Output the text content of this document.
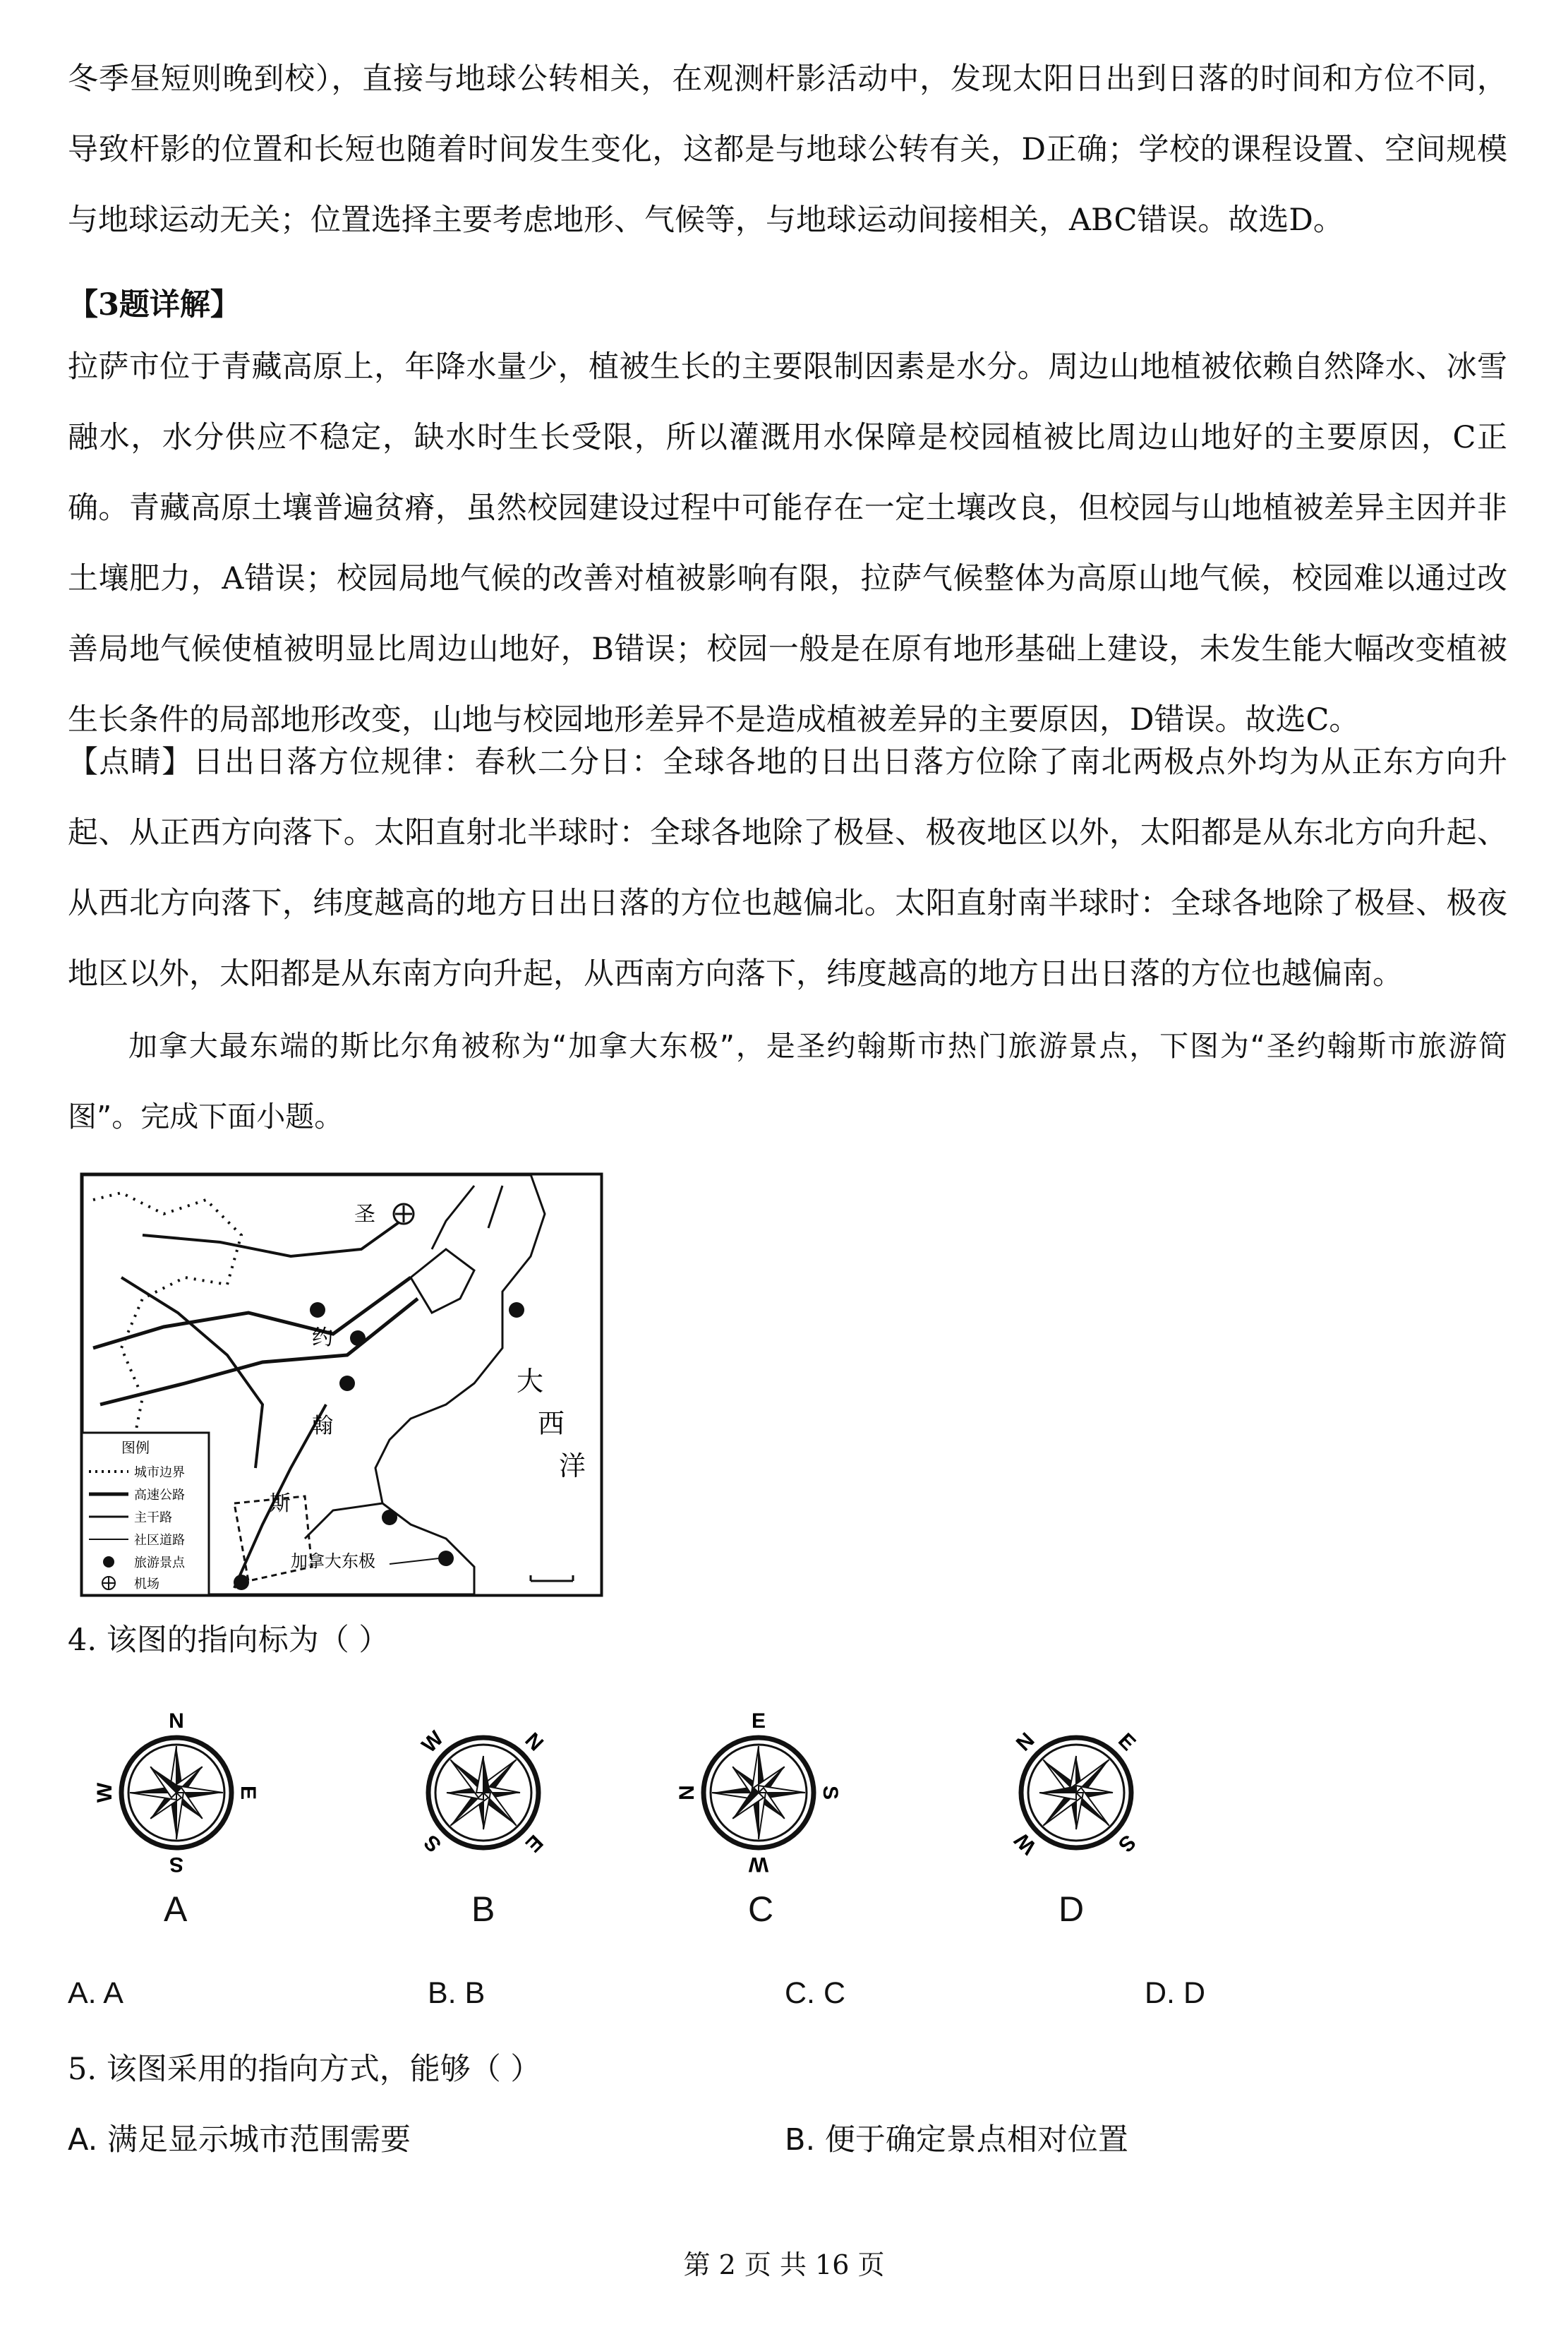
冬季昼短则晚到校），直接与地球公转相关，在观测杆影活动中，发现太阳日出到日落的时间和方位不同，导致杆影的位置和长短也随着时间发生变化，这都是与地球公转有关，D正确；学校的课程设置、空间规模与地球运动无关；位置选择主要考虑地形、气候等，与地球运动间接相关，ABC错误。故选D。

【3题详解】

拉萨市位于青藏高原上，年降水量少，植被生长的主要限制因素是水分。周边山地植被依赖自然降水、冰雪融水，水分供应不稳定，缺水时生长受限，所以灌溉用水保障是校园植被比周边山地好的主要原因，C正确。青藏高原土壤普遍贫瘠，虽然校园建设过程中可能存在一定土壤改良，但校园与山地植被差异主因并非土壤肥力，A错误；校园局地气候的改善对植被影响有限，拉萨气候整体为高原山地气候，校园难以通过改善局地气候使植被明显比周边山地好，B错误；校园一般是在原有地形基础上建设，未发生能大幅改变植被生长条件的局部地形改变，山地与校园地形差异不是造成植被差异的主要原因，D错误。故选C。

【点睛】日出日落方位规律：春秋二分日：全球各地的日出日落方位除了南北两极点外均为从正东方向升起、从正西方向落下。太阳直射北半球时：全球各地除了极昼、极夜地区以外，太阳都是从东北方向升起、从西北方向落下，纬度越高的地方日出日落的方位也越偏北。太阳直射南半球时：全球各地除了极昼、极夜地区以外，太阳都是从东南方向升起，从西南方向落下，纬度越高的地方日出日落的方位也越偏南。

加拿大最东端的斯比尔角被称为“加拿大东极”，是圣约翰斯市热门旅游景点，下图为“圣约翰斯市旅游简图”。完成下面小题。

圣
约
翰
斯
大
西
洋
加拿大东极
图例
城市边界
高速公路
主干路
社区道路
旅游景点
机场

4. 该图的指向标为（ ）

N
E
S
W
N
E
S
W
N
E
S
W
N	E
S
W
A	B	C	D

A. A	B. B	C. C	D. D

5. 该图采用的指向方式，能够（ ）

A. 满足显示城市范围需要	B. 便于确定景点相对位置

第 2 页 共 16 页
